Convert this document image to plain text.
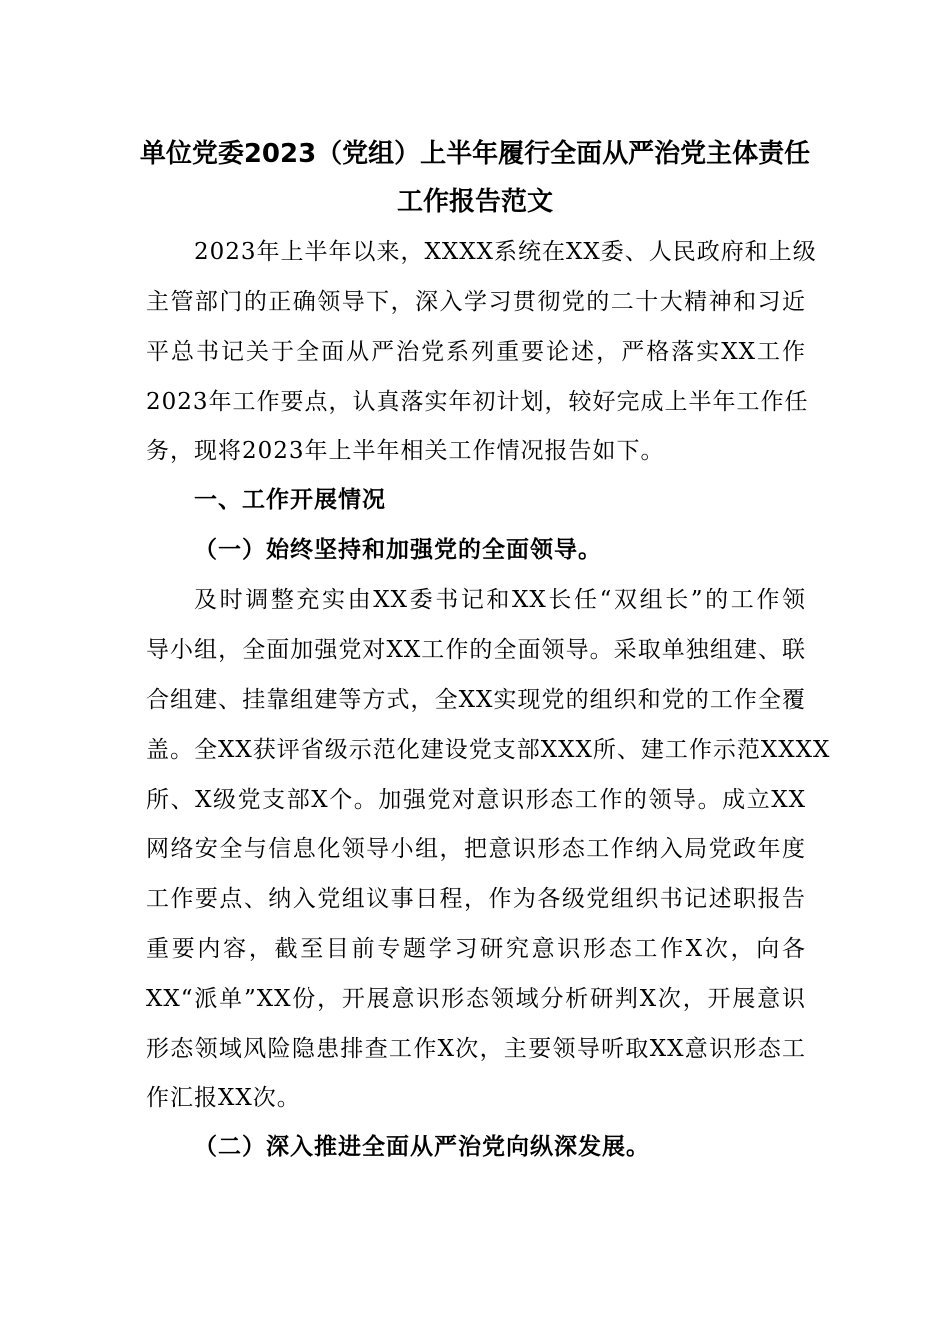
单位党委2023（党组）上半年履行全面从严治党主体责任
工作报告范文
2023年上半年以来，XXXX系统在XX委、人民政府和上级
主管部门的正确领导下，深入学习贯彻党的二十大精神和习近
平总书记关于全面从严治党系列重要论述，严格落实XX工作
2023年工作要点，认真落实年初计划，较好完成上半年工作任
务，现将2023年上半年相关工作情况报告如下。
一、工作开展情况
（一）始终坚持和加强党的全面领导。
及时调整充实由XX委书记和XX长任“双组长”的工作领
导小组，全面加强党对XX工作的全面领导。采取单独组建、联
合组建、挂靠组建等方式，全XX实现党的组织和党的工作全覆
盖。全XX获评省级示范化建设党支部XXX所、建工作示范XXXX
所、X级党支部X个。加强党对意识形态工作的领导。成立XX
网络安全与信息化领导小组，把意识形态工作纳入局党政年度
工作要点、纳入党组议事日程，作为各级党组织书记述职报告
重要内容，截至目前专题学习研究意识形态工作X次，向各
XX“派单”XX份，开展意识形态领域分析研判X次，开展意识
形态领域风险隐患排查工作X次，主要领导听取XX意识形态工
作汇报XX次。
（二）深入推进全面从严治党向纵深发展。
